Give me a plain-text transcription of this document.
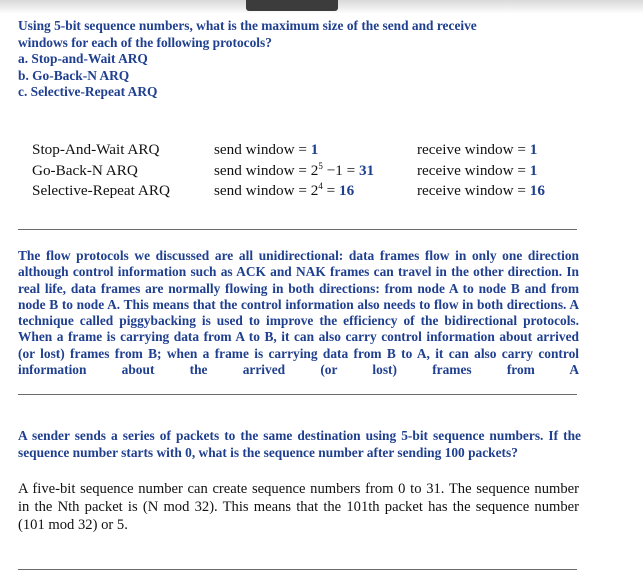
Using 5-bit sequence numbers, what is the maximum size of the send and receive
windows for each of the following protocols?
a. Stop-and-Wait ARQ
b. Go-Back-N ARQ
c. Selective-Repeat ARQ
Stop-And-Wait ARQ	send window = 1	receive window = 1
Go-Back-N ARQ	send window = $2^5 -1 = 31$	receive window = 1
Selective-Repeat ARQ	send window = $2^4 = 16$	receive window = 16
The flow protocols we discussed are all unidirectional: data frames flow in only one direction although control information such as ACK and NAK frames can travel in the other direction. In real life, data frames are normally flowing in both directions: from node A to node B and from node B to node A. This means that the control information also needs to flow in both directions. A technique called piggybacking is used to improve the efficiency of the bidirectional protocols. When a frame is carrying data from A to B, it can also carry control information about arrived (or lost) frames from B; when a frame is carrying data from B to A, it can also carry control information about the arrived (or lost) frames from A
A sender sends a series of packets to the same destination using 5-bit sequence numbers. If the sequence number starts with 0, what is the sequence number after sending 100 packets?
A five-bit sequence number can create sequence numbers from 0 to 31. The sequence number in the Nth packet is (N mod 32). This means that the 101th packet has the sequence number (101 mod 32) or 5.
